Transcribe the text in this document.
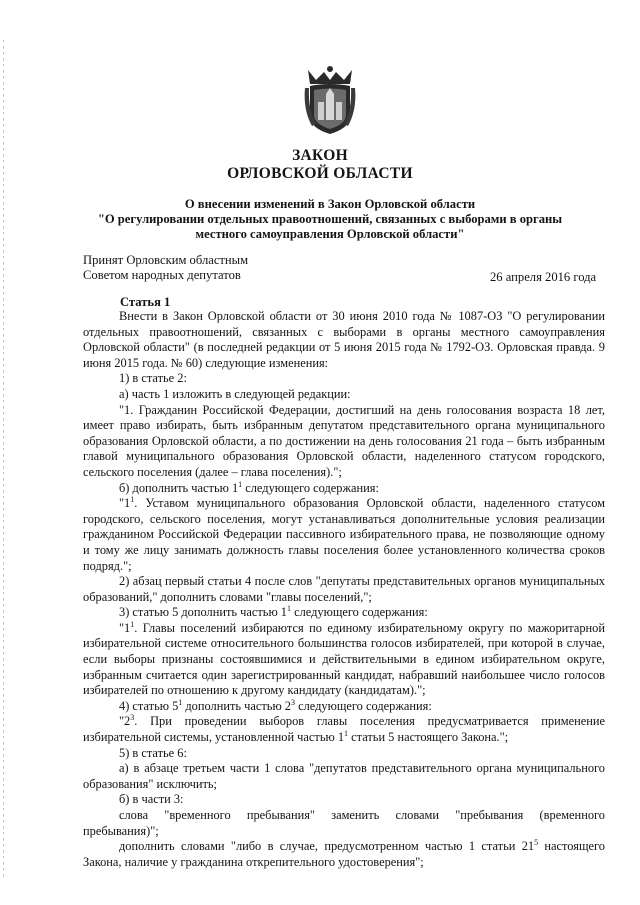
ЗАКОН
ОРЛОВСКОЙ ОБЛАСТИ
О внесении изменений в Закон Орловской области
"О регулировании отдельных правоотношений, связанных с выборами в органы
местного самоуправления Орловской области"
Принят Орловским областным
Советом народных депутатов	26 апреля 2016 года
Статья 1

Внести в Закон Орловской области от 30 июня 2010 года № 1087-ОЗ "О регулировании отдельных правоотношений, связанных с выборами в органы местного самоуправления Орловской области" (в последней редакции от 5 июня 2015 года № 1792-ОЗ. Орловская правда. 9 июня 2015 года. № 60) следующие изменения:

1) в статье 2:

а) часть 1 изложить в следующей редакции:

"1. Гражданин Российской Федерации, достигший на день голосования возраста 18 лет, имеет право избирать, быть избранным депутатом представительного органа муниципального образования Орловской области, а по достижении на день голосования 21 года – быть избранным главой муниципального образования Орловской области, наделенного статусом городского, сельского поселения (далее – глава поселения).";

б) дополнить частью $1^1$ следующего содержания:

"$1^1$. Уставом муниципального образования Орловской области, наделенного статусом городского, сельского поселения, могут устанавливаться дополнительные условия реализации гражданином Российской Федерации пассивного избирательного права, не позволяющие одному и тому же лицу занимать должность главы поселения более установленного количества сроков подряд.";

2) абзац первый статьи 4 после слов "депутаты представительных органов муниципальных образований," дополнить словами "главы поселений,";

3) статью 5 дополнить частью $1^1$ следующего содержания:

"$1^1$. Главы поселений избираются по единому избирательному округу по мажоритарной избирательной системе относительного большинства голосов избирателей, при которой в случае, если выборы признаны состоявшимися и действительными в едином избирательном округе, избранным считается один зарегистрированный кандидат, набравший наибольшее число голосов избирателей по отношению к другому кандидату (кандидатам).";

4) статью $5^1$ дополнить частью $2^3$ следующего содержания:

"$2^3$. При проведении выборов главы поселения предусматривается применение избирательной системы, установленной частью $1^1$ статьи 5 настоящего Закона.";

5) в статье 6:

а) в абзаце третьем части 1 слова "депутатов представительного органа муниципального образования" исключить;

б) в части 3:

слова "временного пребывания" заменить словами "пребывания (временного пребывания)";

дополнить словами "либо в случае, предусмотренном частью 1 статьи $21^5$ настоящего Закона, наличие у гражданина открепительного удостоверения";
